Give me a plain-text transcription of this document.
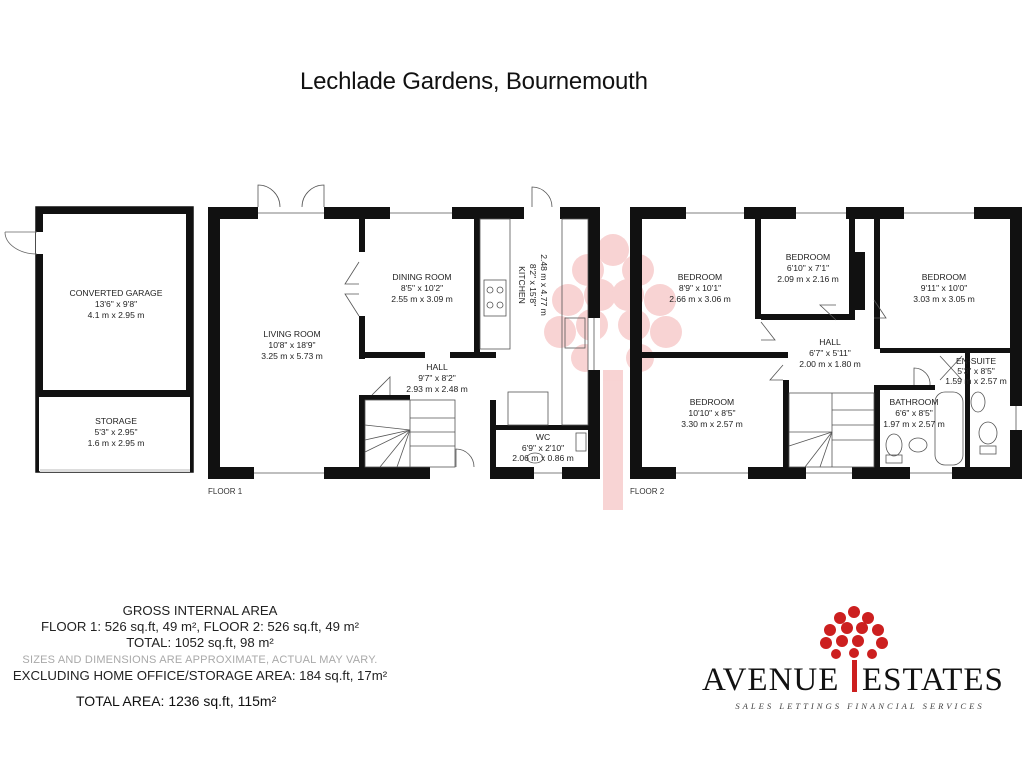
CONVERTED GARAGE
13'6" x 9'8"
4.1 m x 2.95 m
STORAGE
5'3" x 2.95"
1.6 m x 2.95 m
LIVING ROOM
10'8" x 18'9"
3.25 m x 5.73 m
DINING ROOM
8'5" x 10'2"
2.55 m x 3.09 m
HALL
9'7" x 8'2"
2.93 m x 2.48 m
KITCHEN 8'2" x 15'8" 2.48 m x 4.77 m
WC
6'9" x 2'10"
2.06 m x 0.86 m
BEDROOM
8'9" x 10'1"
2.66 m x 3.06 m
BEDROOM
6'10" x 7'1"
2.09 m x 2.16 m	BEDROOM
9'11" x 10'0"
3.03 m x 3.05 m
HALL
6'7" x 5'11"
2.00 m x 1.80 m	EN-SUITE
5'3" x 8'5"
1.59 m x 2.57 m
BEDROOM
10'10" x 8'5"
3.30 m x 2.57 m
BATHROOM
6'6" x 8'5"
1.97 m x 2.57 m
FLOOR 1	FLOOR 2
Lechlade Gardens, Bournemouth
GROSS INTERNAL AREA
FLOOR 1: 526 sq.ft, 49 m², FLOOR 2: 526 sq.ft, 49 m²
TOTAL: 1052 sq.ft, 98 m²
SIZES AND DIMENSIONS ARE APPROXIMATE, ACTUAL MAY VARY.
EXCLUDING HOME OFFICE/STORAGE AREA: 184 sq.ft, 17m²
TOTAL AREA: 1236 sq.ft, 115m²
AVENUE ESTATES
SALES LETTINGS FINANCIAL SERVICES
